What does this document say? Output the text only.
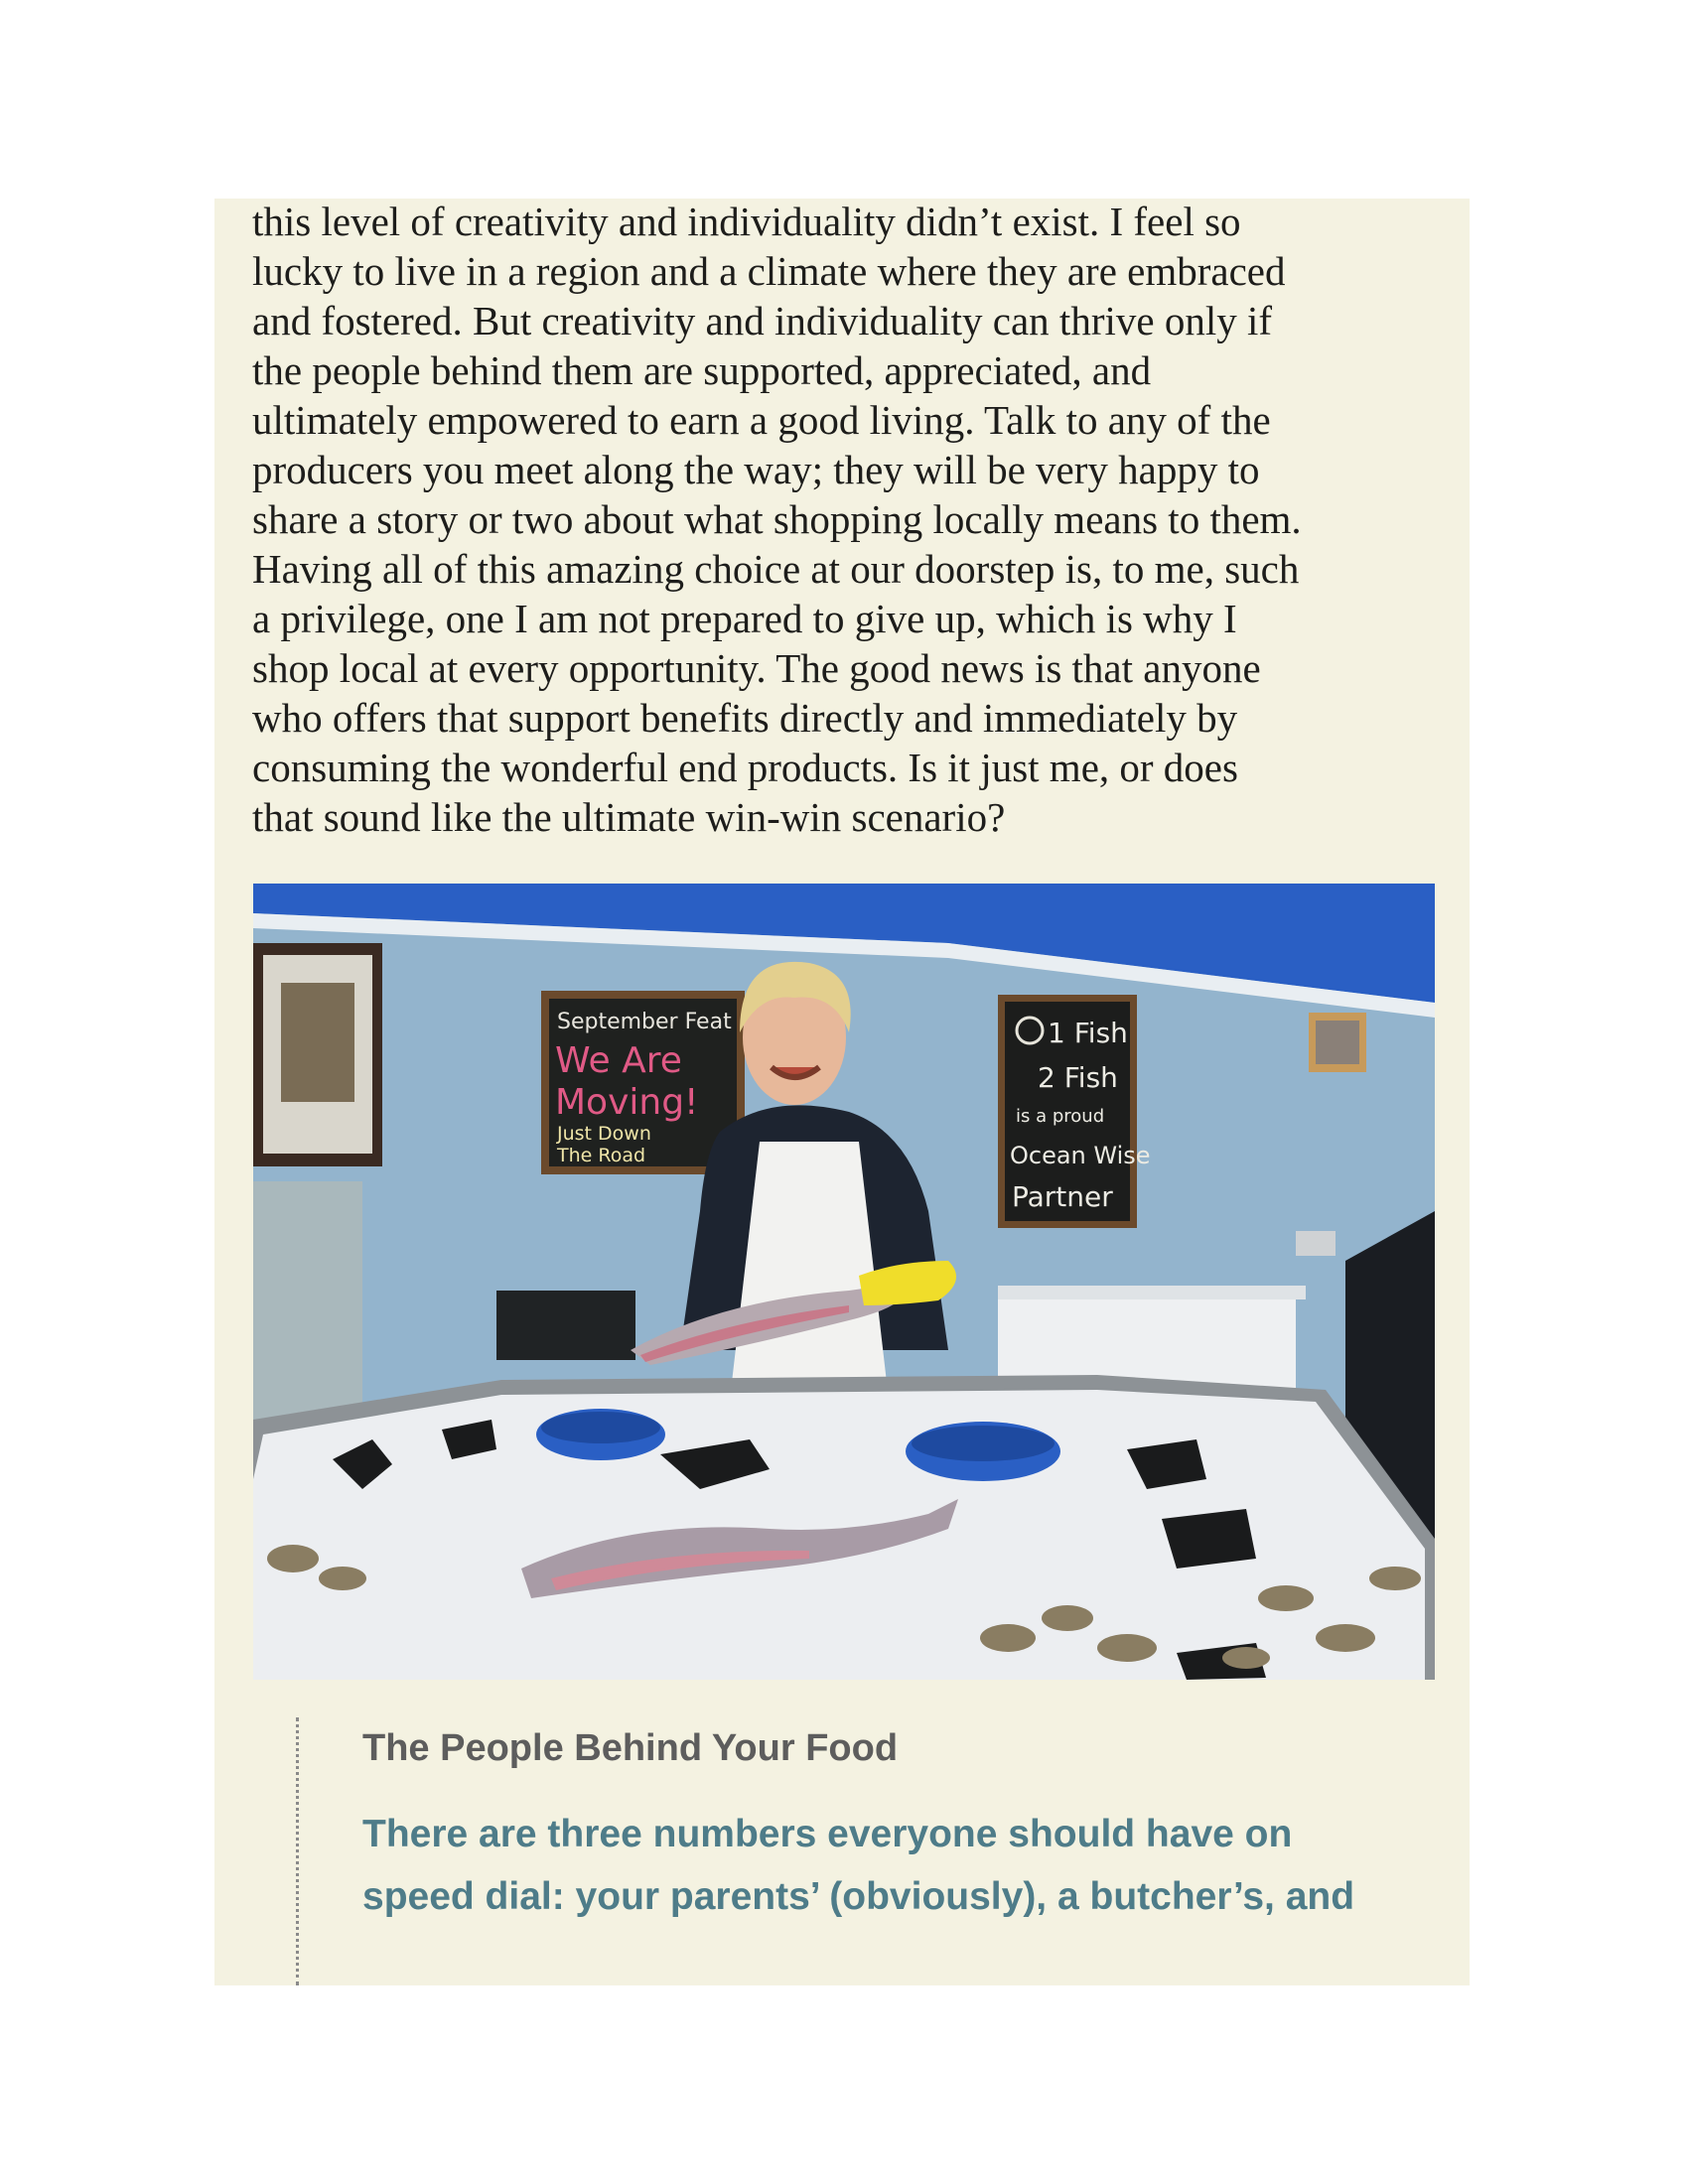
this level of creativity and individuality didn’t exist. I feel so
lucky to live in a region and a climate where they are embraced
and fostered. But creativity and individuality can thrive only if
the people behind them are supported, appreciated, and
ultimately empowered to earn a good living. Talk to any of the
producers you meet along the way; they will be very happy to
share a story or two about what shopping locally means to them.
Having all of this amazing choice at our doorstep is, to me, such
a privilege, one I am not prepared to give up, which is why I
shop local at every opportunity. The good news is that anyone
who offers that support benefits directly and immediately by
consuming the wonderful end products. Is it just me, or does
that sound like the ultimate win-win scenario?
September Feat
We Are
Moving!
Just Down
The Road
1 Fish
2 Fish
is a proud
Ocean Wise
Partner
The People Behind Your Food

There are three numbers everyone should have on
speed dial: your parents’ (obviously), a butcher’s, and
